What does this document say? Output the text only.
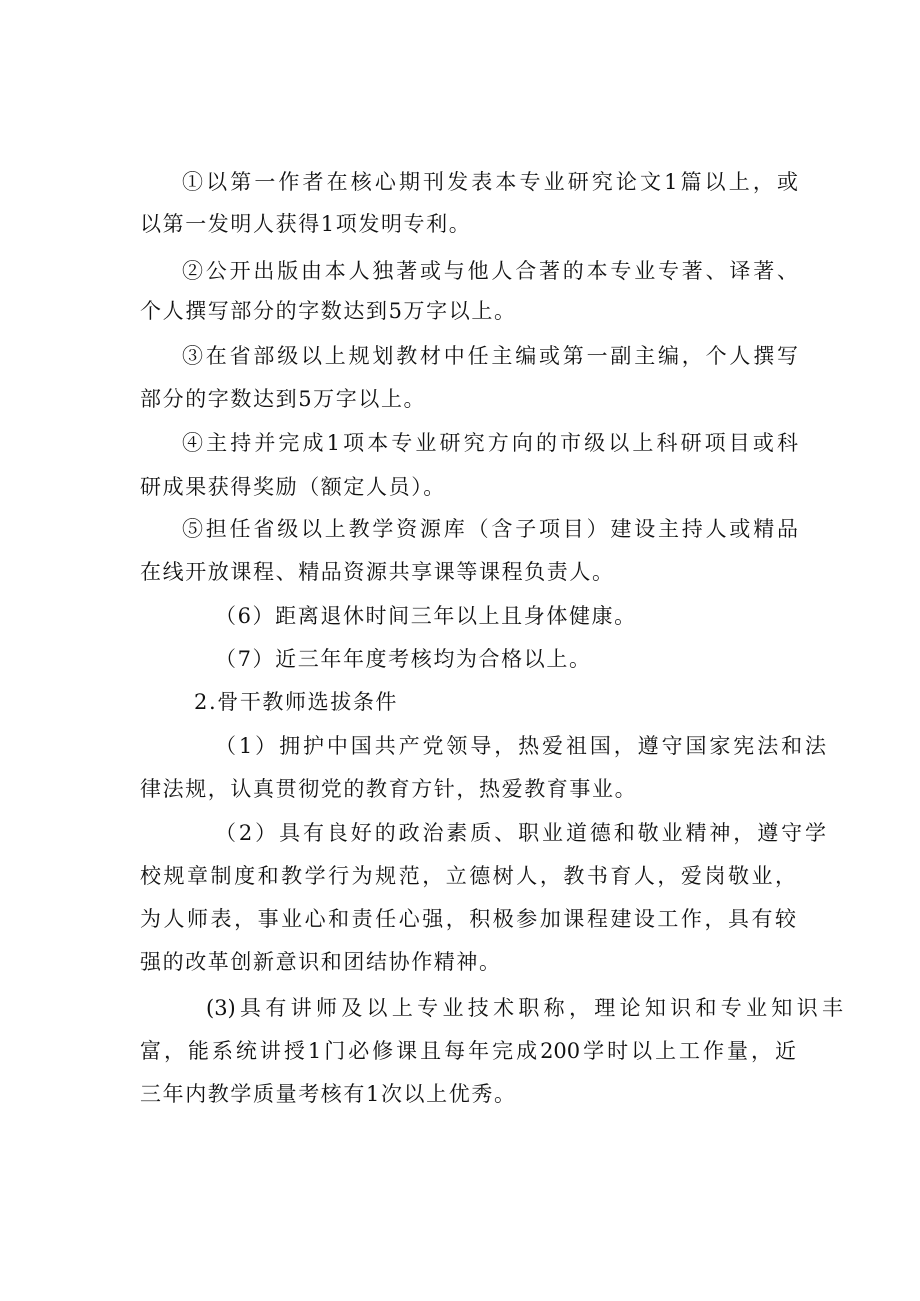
①以第一作者在核心期刊发表本专业研究论文1篇以上，或
以第一发明人获得1项发明专利。
②公开出版由本人独著或与他人合著的本专业专著、译著、
个人撰写部分的字数达到5万字以上。
③在省部级以上规划教材中任主编或第一副主编，个人撰写
部分的字数达到5万字以上。
④主持并完成1项本专业研究方向的市级以上科研项目或科
研成果获得奖励（额定人员）。
⑤担任省级以上教学资源库（含子项目）建设主持人或精品
在线开放课程、精品资源共享课等课程负责人。
（6）距离退休时间三年以上且身体健康。
（7）近三年年度考核均为合格以上。
2.骨干教师选拔条件
（1）拥护中国共产党领导，热爱祖国，遵守国家宪法和法
律法规，认真贯彻党的教育方针，热爱教育事业。
（2）具有良好的政治素质、职业道德和敬业精神，遵守学
校规章制度和教学行为规范，立德树人，教书育人，爱岗敬业，
为人师表，事业心和责任心强，积极参加课程建设工作，具有较
强的改革创新意识和团结协作精神。
(3)具有讲师及以上专业技术职称，理论知识和专业知识丰
富，能系统讲授1门必修课且每年完成200学时以上工作量，近
三年内教学质量考核有1次以上优秀。
